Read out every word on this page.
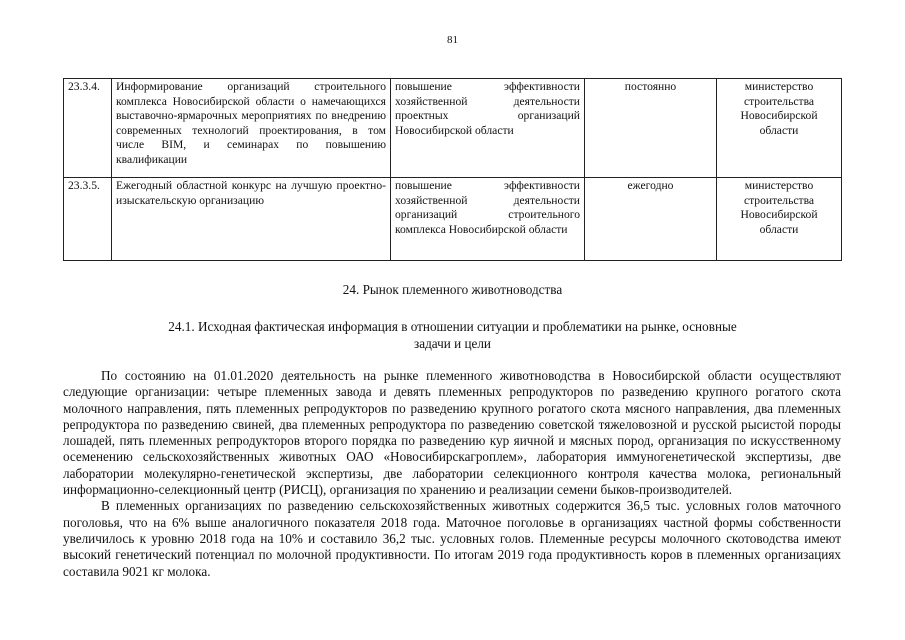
81
23.3.4.	Информирование организаций строительного комплекса Новосибирской области о намечающихся выставочно-ярмарочных мероприятиях по внедрению современных технологий проектирования, в том числе BIM, и семинарах по повышению квалификации	повышение эффективности хозяйственной деятельности проектных организаций Новосибирской области	постоянно	министерство строительства Новосибирской области
23.3.5.	Ежегодный областной конкурс на лучшую проектно-изыскательскую организацию	повышение эффективности хозяйственной деятельности организаций строительного комплекса Новосибирской области	ежегодно	министерство строительства Новосибирской области
24. Рынок племенного животноводства
24.1. Исходная фактическая информация в отношении ситуации и проблематики на рынке, основные задачи и цели

По состоянию на 01.01.2020 деятельность на рынке племенного животноводства в Новосибирской области осуществляют следующие организации: четыре племенных завода и девять племенных репродукторов по разведению крупного рогатого скота молочного направления, пять племенных репродукторов по разведению крупного рогатого скота мясного направления, два племенных репродуктора по разведению свиней, два племенных репродуктора по разведению советской тяжеловозной и русской рысистой породы лошадей, пять племенных репродукторов второго порядка по разведению кур яичной и мясных пород, организация по искусственному осеменению сельскохозяйственных животных ОАО «Новосибирскагроплем», лаборатория иммуногенетической экспертизы, две лаборатории молекулярно-генетической экспертизы, две лаборатории селекционного контроля качества молока, региональный информационно-селекционный центр (РИСЦ), организация по хранению и реализации семени быков-производителей.

В племенных организациях по разведению сельскохозяйственных животных содержится 36,5 тыс. условных голов маточного поголовья, что на 6% выше аналогичного показателя 2018 года. Маточное поголовье в организациях частной формы собственности увеличилось к уровню 2018 года на 10% и составило 36,2 тыс. условных голов. Племенные ресурсы молочного скотоводства имеют высокий генетический потенциал по молочной продуктивности. По итогам 2019 года продуктивность коров в племенных организациях составила 9021 кг молока.
